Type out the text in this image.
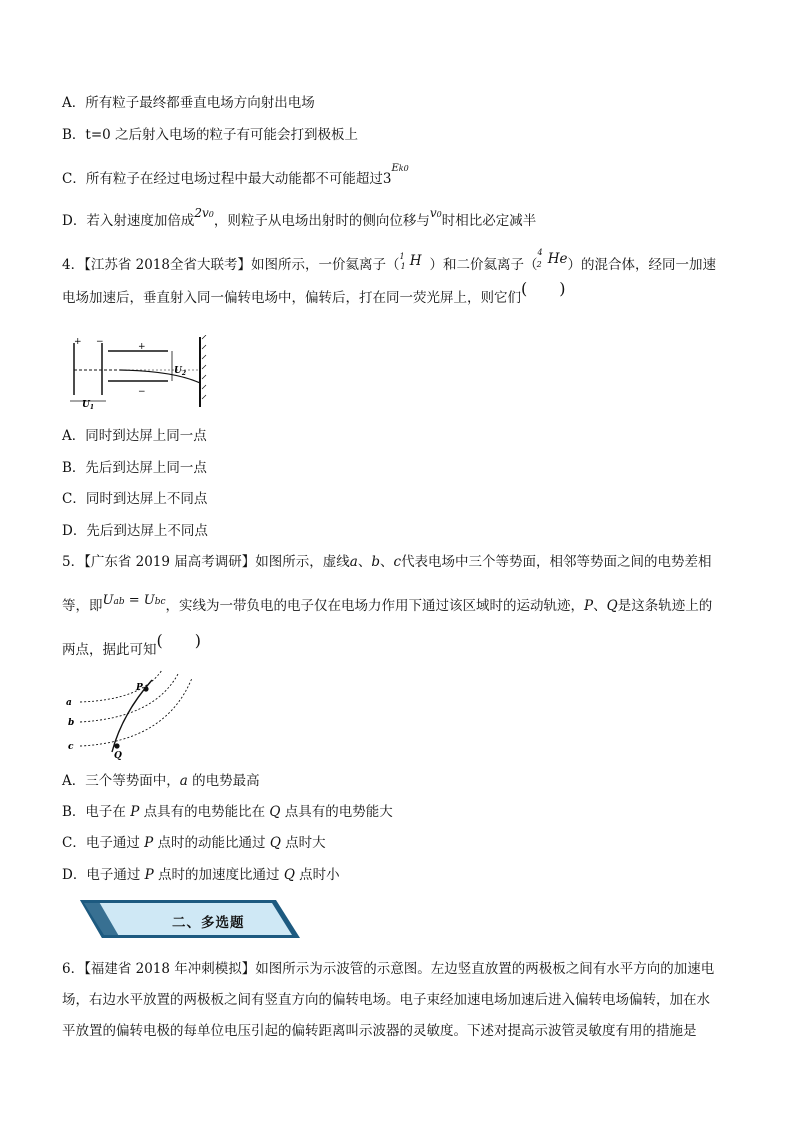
A．所有粒子最终都垂直电场方向射出电场
B．t=0 之后射入电场的粒子有可能会打到极板上
C．所有粒子在经过电场过程中最大动能都不可能超过$3^{Ek0}$
D．若入射速度加倍成2v0，则粒子从电场出射时的侧向位移与v0时相比必定减半
4．【江苏省 2018全省大联考】如图所示，一价氦离子（$^1_1$ H ）和二价氦离子（$^4_2$ He）的混合体，经同一加速
电场加速后，垂直射入同一偏转电场中，偏转后，打在同一荧光屏上，则它们(　　)
+ −	+
−
$U_1$
$U_2$
A．同时到达屏上同一点
B．先后到达屏上同一点
C．同时到达屏上不同点
D．先后到达屏上不同点
5．【广东省 2019 届高考调研】如图所示，虚线a、b、c代表电场中三个等势面，相邻等势面之间的电势差相
等，即Uab = Ubc，实线为一带负电的电子仅在电场力作用下通过该区域时的运动轨迹，P、Q是这条轨迹上的
两点，据此可知(　　)
a
b
c
P
Q
A．三个等势面中，a 的电势最高
B．电子在 P 点具有的电势能比在 Q 点具有的电势能大
C．电子通过 P 点时的动能比通过 Q 点时大
D．电子通过 P 点时的加速度比通过 Q 点时小
二、多选题
6．【福建省 2018 年冲刺模拟】如图所示为示波管的示意图。左边竖直放置的两极板之间有水平方向的加速电
场，右边水平放置的两极板之间有竖直方向的偏转电场。电子束经加速电场加速后进入偏转电场偏转，加在水
平放置的偏转电极的每单位电压引起的偏转距离叫示波器的灵敏度。下述对提高示波管灵敏度有用的措施是
